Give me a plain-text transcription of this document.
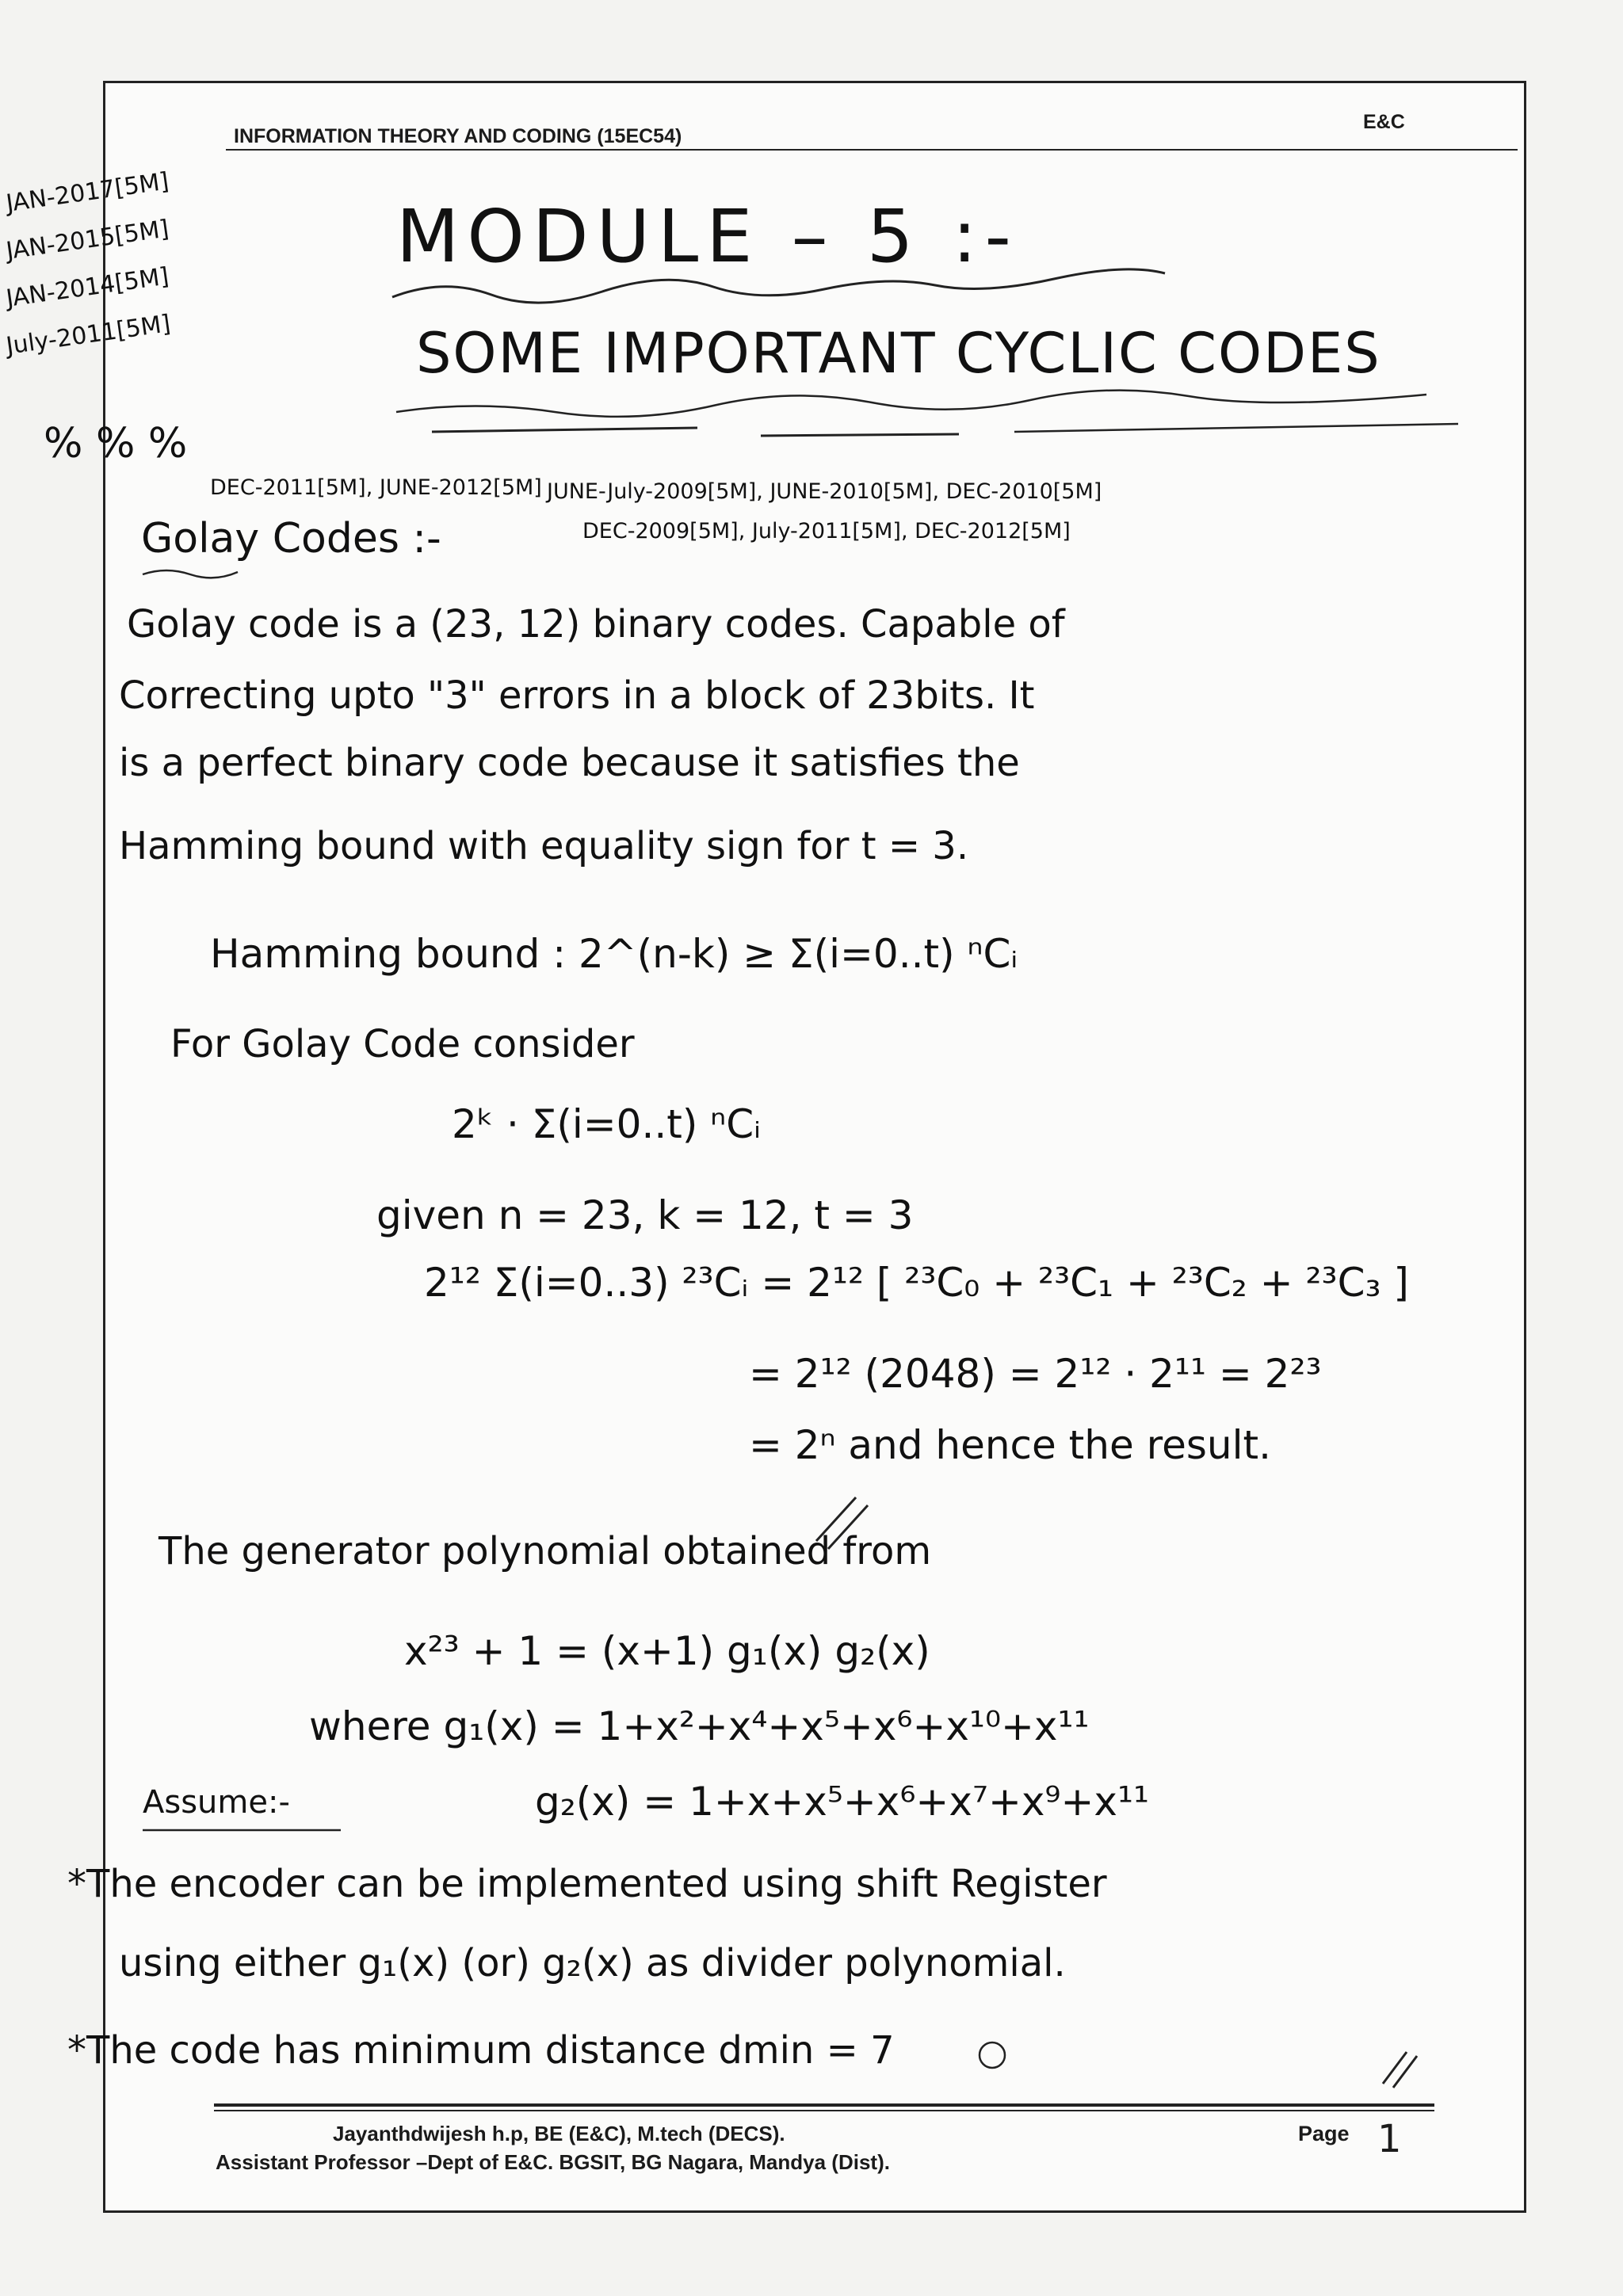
INFORMATION THEORY AND CODING (15EC54)
E&C
JAN-2017[5M]
JAN-2015[5M]
JAN-2014[5M]
July-2011[5M]
% % %
MODULE – 5 :-
SOME IMPORTANT CYCLIC CODES
DEC-2011[5M], JUNE-2012[5M] JUNE-July-2009[5M], JUNE-2010[5M], DEC-2010[5M]
DEC-2009[5M], July-2011[5M], DEC-2012[5M]
Golay Codes :-
Golay code is a (23, 12) binary codes. Capable of
Correcting upto "3" errors in a block of 23bits. It
is a perfect binary code because it satisfies the
Hamming bound with equality sign for t = 3.
Hamming bound : 2^(n-k) ≥ Σ(i=0..t) ⁿCᵢ
For Golay Code consider
2ᵏ · Σ(i=0..t) ⁿCᵢ
given n = 23, k = 12, t = 3
2¹² Σ(i=0..3) ²³Cᵢ = 2¹² [ ²³C₀ + ²³C₁ + ²³C₂ + ²³C₃ ]
= 2¹² (2048) = 2¹² · 2¹¹ = 2²³
= 2ⁿ and hence the result.
The generator polynomial obtained from
x²³ + 1 = (x+1) g₁(x) g₂(x)
Assume:-
where g₁(x) = 1+x²+x⁴+x⁵+x⁶+x¹⁰+x¹¹
g₂(x) = 1+x+x⁵+x⁶+x⁷+x⁹+x¹¹
*The encoder can be implemented using shift Register
using either g₁(x) (or) g₂(x) as divider polynomial.
*The code has minimum distance dmin = 7
Jayanthdwijesh h.p, BE (E&C), M.tech (DECS).
Assistant Professor –Dept of E&C. BGSIT, BG Nagara, Mandya (Dist).
Page 1
